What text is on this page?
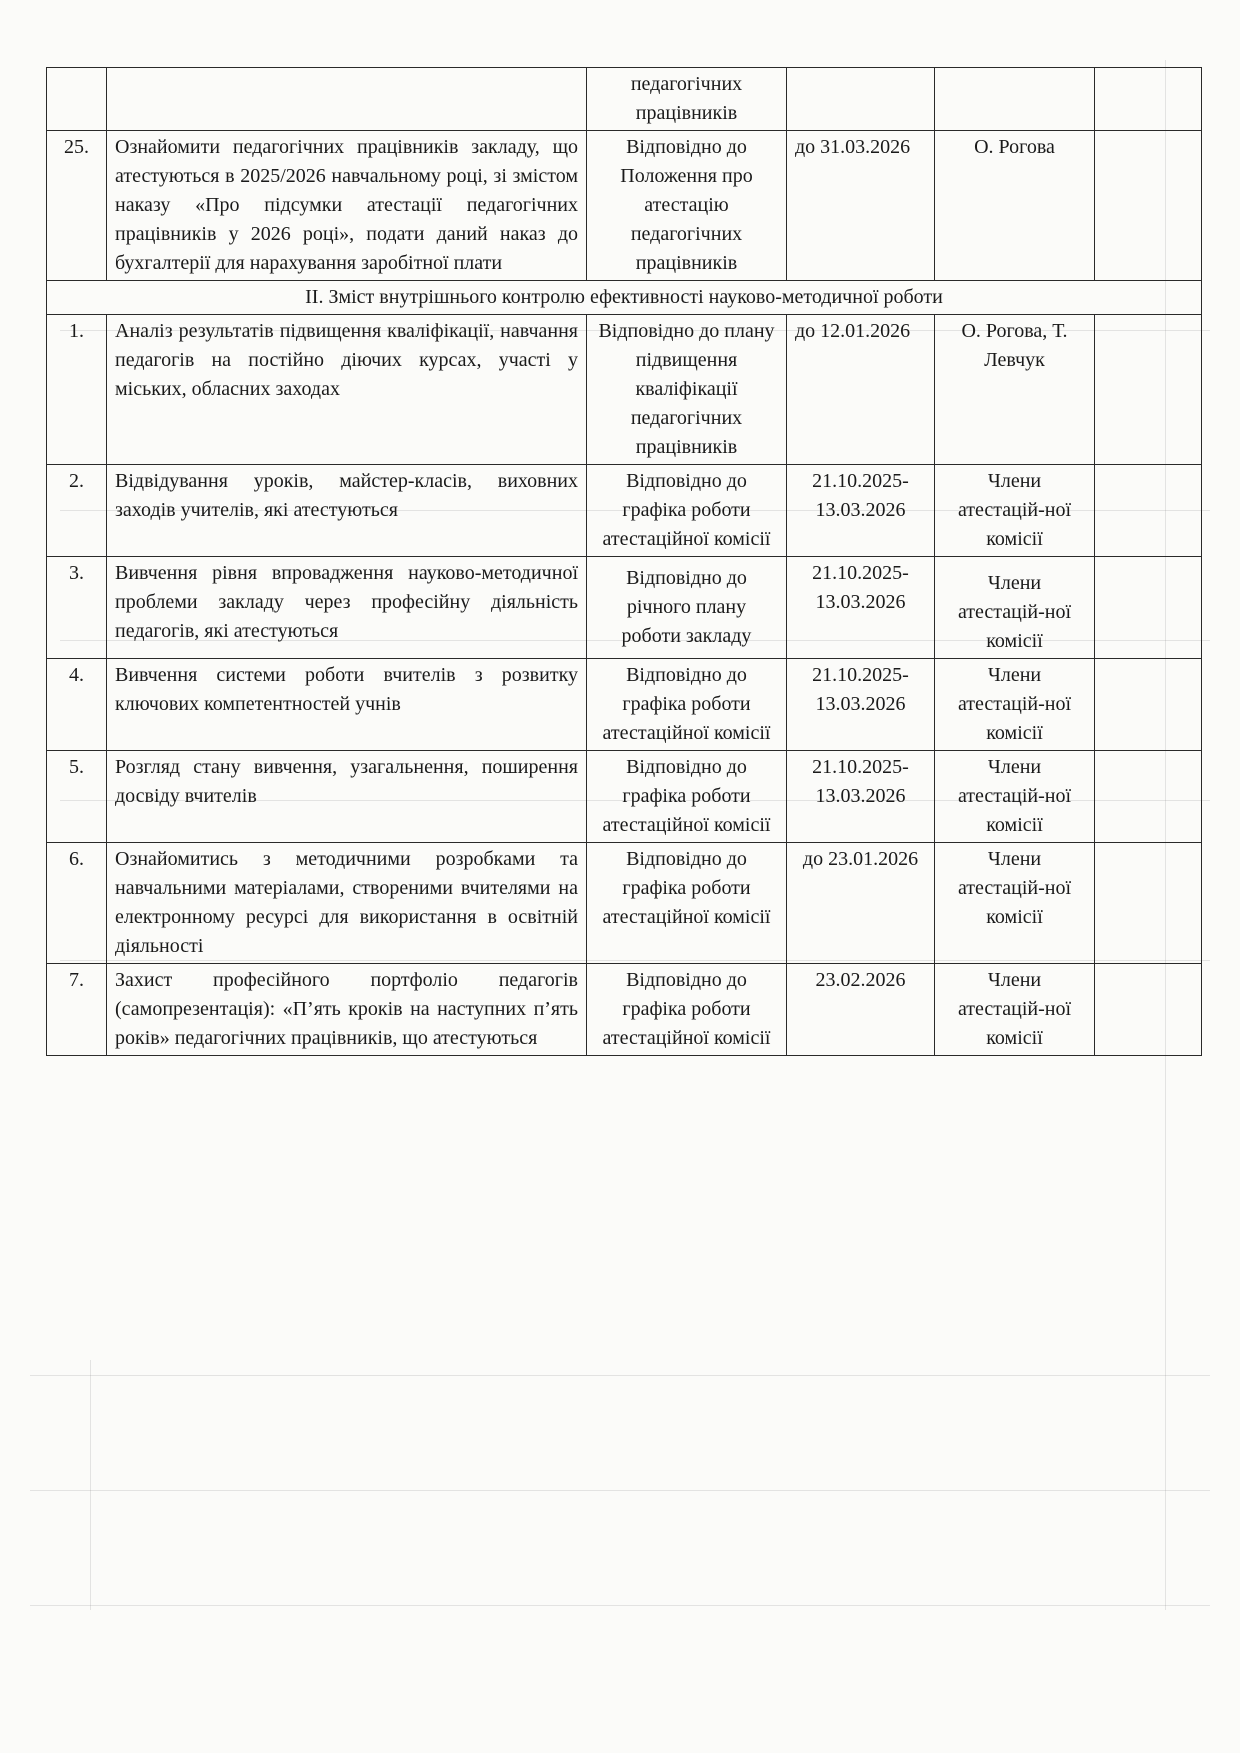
		педагогічних працівників			
25.	Ознайомити педагогічних працівників закладу, що атестуються в 2025/2026 навчальному році, зі змістом наказу «Про підсумки атестації педагогічних працівників у 2026 році», подати даний наказ до бухгалтерії для нарахування заробітної плати	Відповідно до Положення про атестацію педагогічних працівників	до 31.03.2026	О. Рогова	
ІІ. Зміст внутрішнього контролю ефективності науково-методичної роботи					
1.	Аналіз результатів підвищення кваліфікації, навчання педагогів на постійно діючих курсах, участі у міських, обласних заходах	Відповідно до плану підвищення кваліфікації педагогічних працівників	до 12.01.2026	О. Рогова, Т. Левчук	
2.	Відвідування уроків, майстер-класів, виховних заходів учителів, які атестуються	Відповідно до графіка роботи атестаційної комісії	21.10.2025-13.03.2026	Члени атестацій-ної комісії	
3.	Вивчення рівня впровадження науково-методичної проблеми закладу через професійну діяльність педагогів, які атестуються	Відповідно до річного плану роботи закладу	21.10.2025-13.03.2026	Члени атестацій-ної комісії	
4.	Вивчення системи роботи вчителів з розвитку ключових компетентностей учнів	Відповідно до графіка роботи атестаційної комісії	21.10.2025-13.03.2026	Члени атестацій-ної комісії	
5.	Розгляд стану вивчення, узагальнення, поширення досвіду вчителів	Відповідно до графіка роботи атестаційної комісії	21.10.2025-13.03.2026	Члени атестацій-ної комісії	
6.	Ознайомитись з методичними розробками та навчальними матеріалами, створеними вчителями на електронному ресурсі для використання в освітній діяльності	Відповідно до графіка роботи атестаційної комісії	до 23.01.2026	Члени атестацій-ної комісії	
7.	Захист професійного портфоліо педагогів (самопрезентація): «П’ять кроків на наступних п’ять років» педагогічних працівників, що атестуються	Відповідно до графіка роботи атестаційної комісії	23.02.2026	Члени атестацій-ної комісії	
